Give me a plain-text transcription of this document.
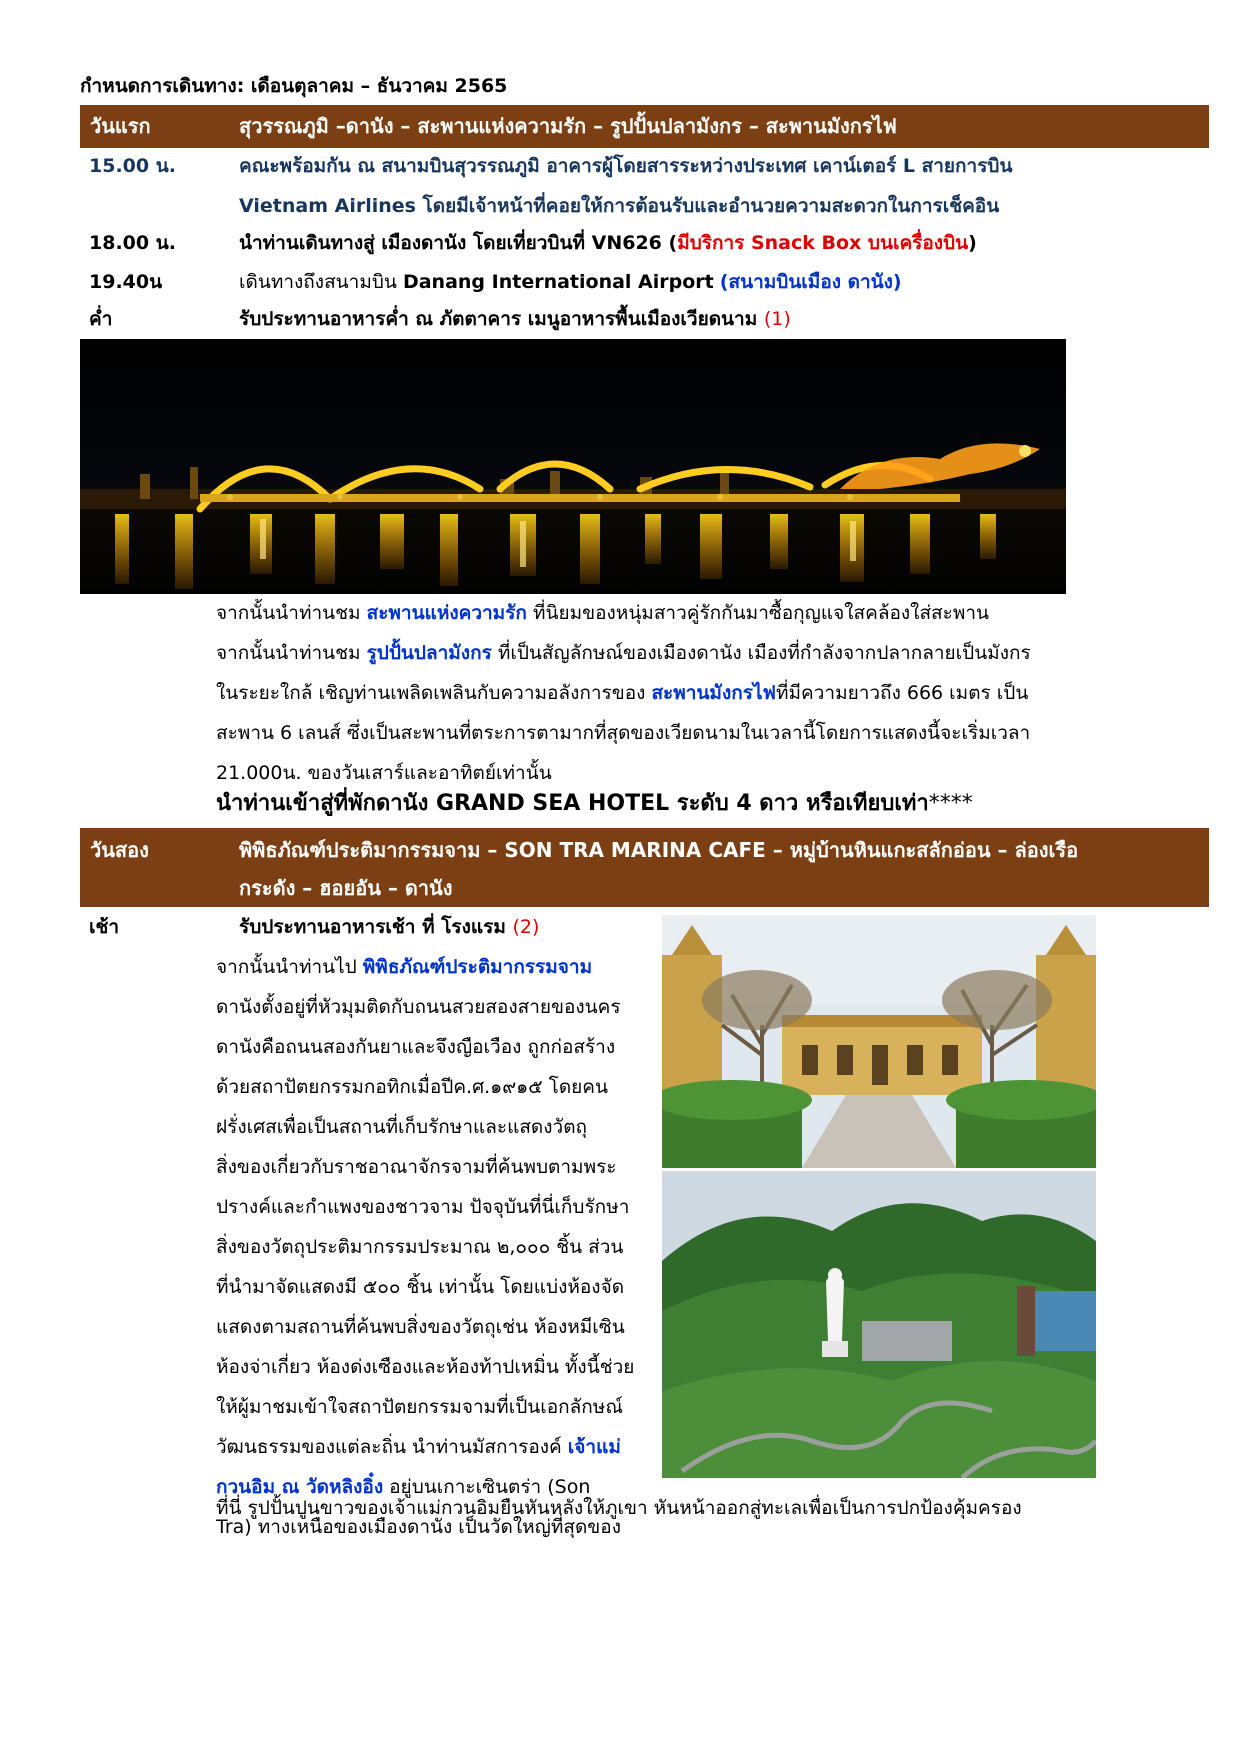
กำหนดการเดินทาง: เดือนตุลาคม – ธันวาคม 2565
วันแรก	สุวรรณภูมิ –ดานัง – สะพานแห่งความรัก – รูปปั้นปลามังกร – สะพานมังกรไฟ
15.00 น.	คณะพร้อมกัน ณ สนามบินสุวรรณภูมิ อาคารผู้โดยสารระหว่างประเทศ เคาน์เตอร์ L สายการบิน
Vietnam Airlines โดยมีเจ้าหน้าที่คอยให้การต้อนรับและอำนวยความสะดวกในการเช็คอิน
18.00 น.	นำท่านเดินทางสู่ เมืองดานัง โดยเที่ยวบินที่ VN626 (มีบริการ Snack Box บนเครื่องบิน)
19.40น	เดินทางถึงสนามบิน Danang International Airport (สนามบินเมือง ดานัง)
ค่ำ	รับประทานอาหารค่ำ ณ ภัตตาคาร เมนูอาหารพื้นเมืองเวียดนาม (1)
จากนั้นนำท่านชม สะพานแห่งความรัก ที่นิยมของหนุ่มสาวคู่รักกันมาซื้อกุญแจใสคล้องใส่สะพาน
จากนั้นนำท่านชม รูปปั้นปลามังกร ที่เป็นสัญลักษณ์ของเมืองดานัง เมืองที่กำลังจากปลากลายเป็นมังกร
ในระยะใกล้ เชิญท่านเพลิดเพลินกับความอลังการของ สะพานมังกรไฟที่มีความยาวถึง 666 เมตร เป็น
สะพาน 6 เลนส์ ซึ่งเป็นสะพานที่ตระการตามากที่สุดของเวียดนามในเวลานี้โดยการแสดงนี้จะเริ่มเวลา
21.000น. ของวันเสาร์และอาทิตย์เท่านั้น
นำท่านเข้าสู่ที่พักดานัง GRAND SEA HOTEL ระดับ 4 ดาว หรือเทียบเท่า****
วันสอง	พิพิธภัณฑ์ประติมากรรมจาม – SON TRA MARINA CAFE – หมู่บ้านหินแกะสลักอ่อน – ล่องเรือ
กระดัง – ฮอยอัน – ดานัง
เช้า	รับประทานอาหารเช้า ที่ โรงแรม (2)
จากนั้นนำท่านไป พิพิธภัณฑ์ประติมากรรมจาม
ดานังตั้งอยู่ที่หัวมุมติดกับถนนสวยสองสายของนคร
ดานังคือถนนสองกันยาและจึงญือเวือง ถูกก่อสร้าง
ด้วยสถาปัตยกรรมกอทิกเมื่อปีค.ศ.๑๙๑๕ โดยคน
ฝรั่งเศสเพื่อเป็นสถานที่เก็บรักษาและแสดงวัตถุ
สิ่งของเกี่ยวกับราชอาณาจักรจามที่ค้นพบตามพระ
ปรางค์และกำแพงของชาวจาม ปัจจุบันที่นี่เก็บรักษา
สิ่งของวัตถุประติมากรรมประมาณ ๒,๐๐๐ ชิ้น ส่วน
ที่นำมาจัดแสดงมี ๕๐๐ ชิ้น เท่านั้น โดยแบ่งห้องจัด
แสดงตามสถานที่ค้นพบสิ่งของวัตถุเช่น ห้องหมีเซิน
ห้องจ่าเกี่ยว ห้องด่งเซืองและห้องท้าปเหมิ่น ทั้งนี้ช่วย
ให้ผู้มาชมเข้าใจสถาปัตยกรรมจามที่เป็นเอกลักษณ์
วัฒนธรรมของแต่ละถิ่น นำท่านมัสการองค์ เจ้าแม่
กวนอิม ณ วัดหลิงอิ๋ง อยู่บนเกาะเซินตร่า (Son
Tra) ทางเหนือของเมืองดานัง เป็นวัดใหญ่ที่สุดของ
ที่นี่ รูปปั้นปูนขาวของเจ้าแม่กวนอิมยืนหันหลังให้ภูเขา หันหน้าออกสู่ทะเลเพื่อเป็นการปกป้องคุ้มครอง
